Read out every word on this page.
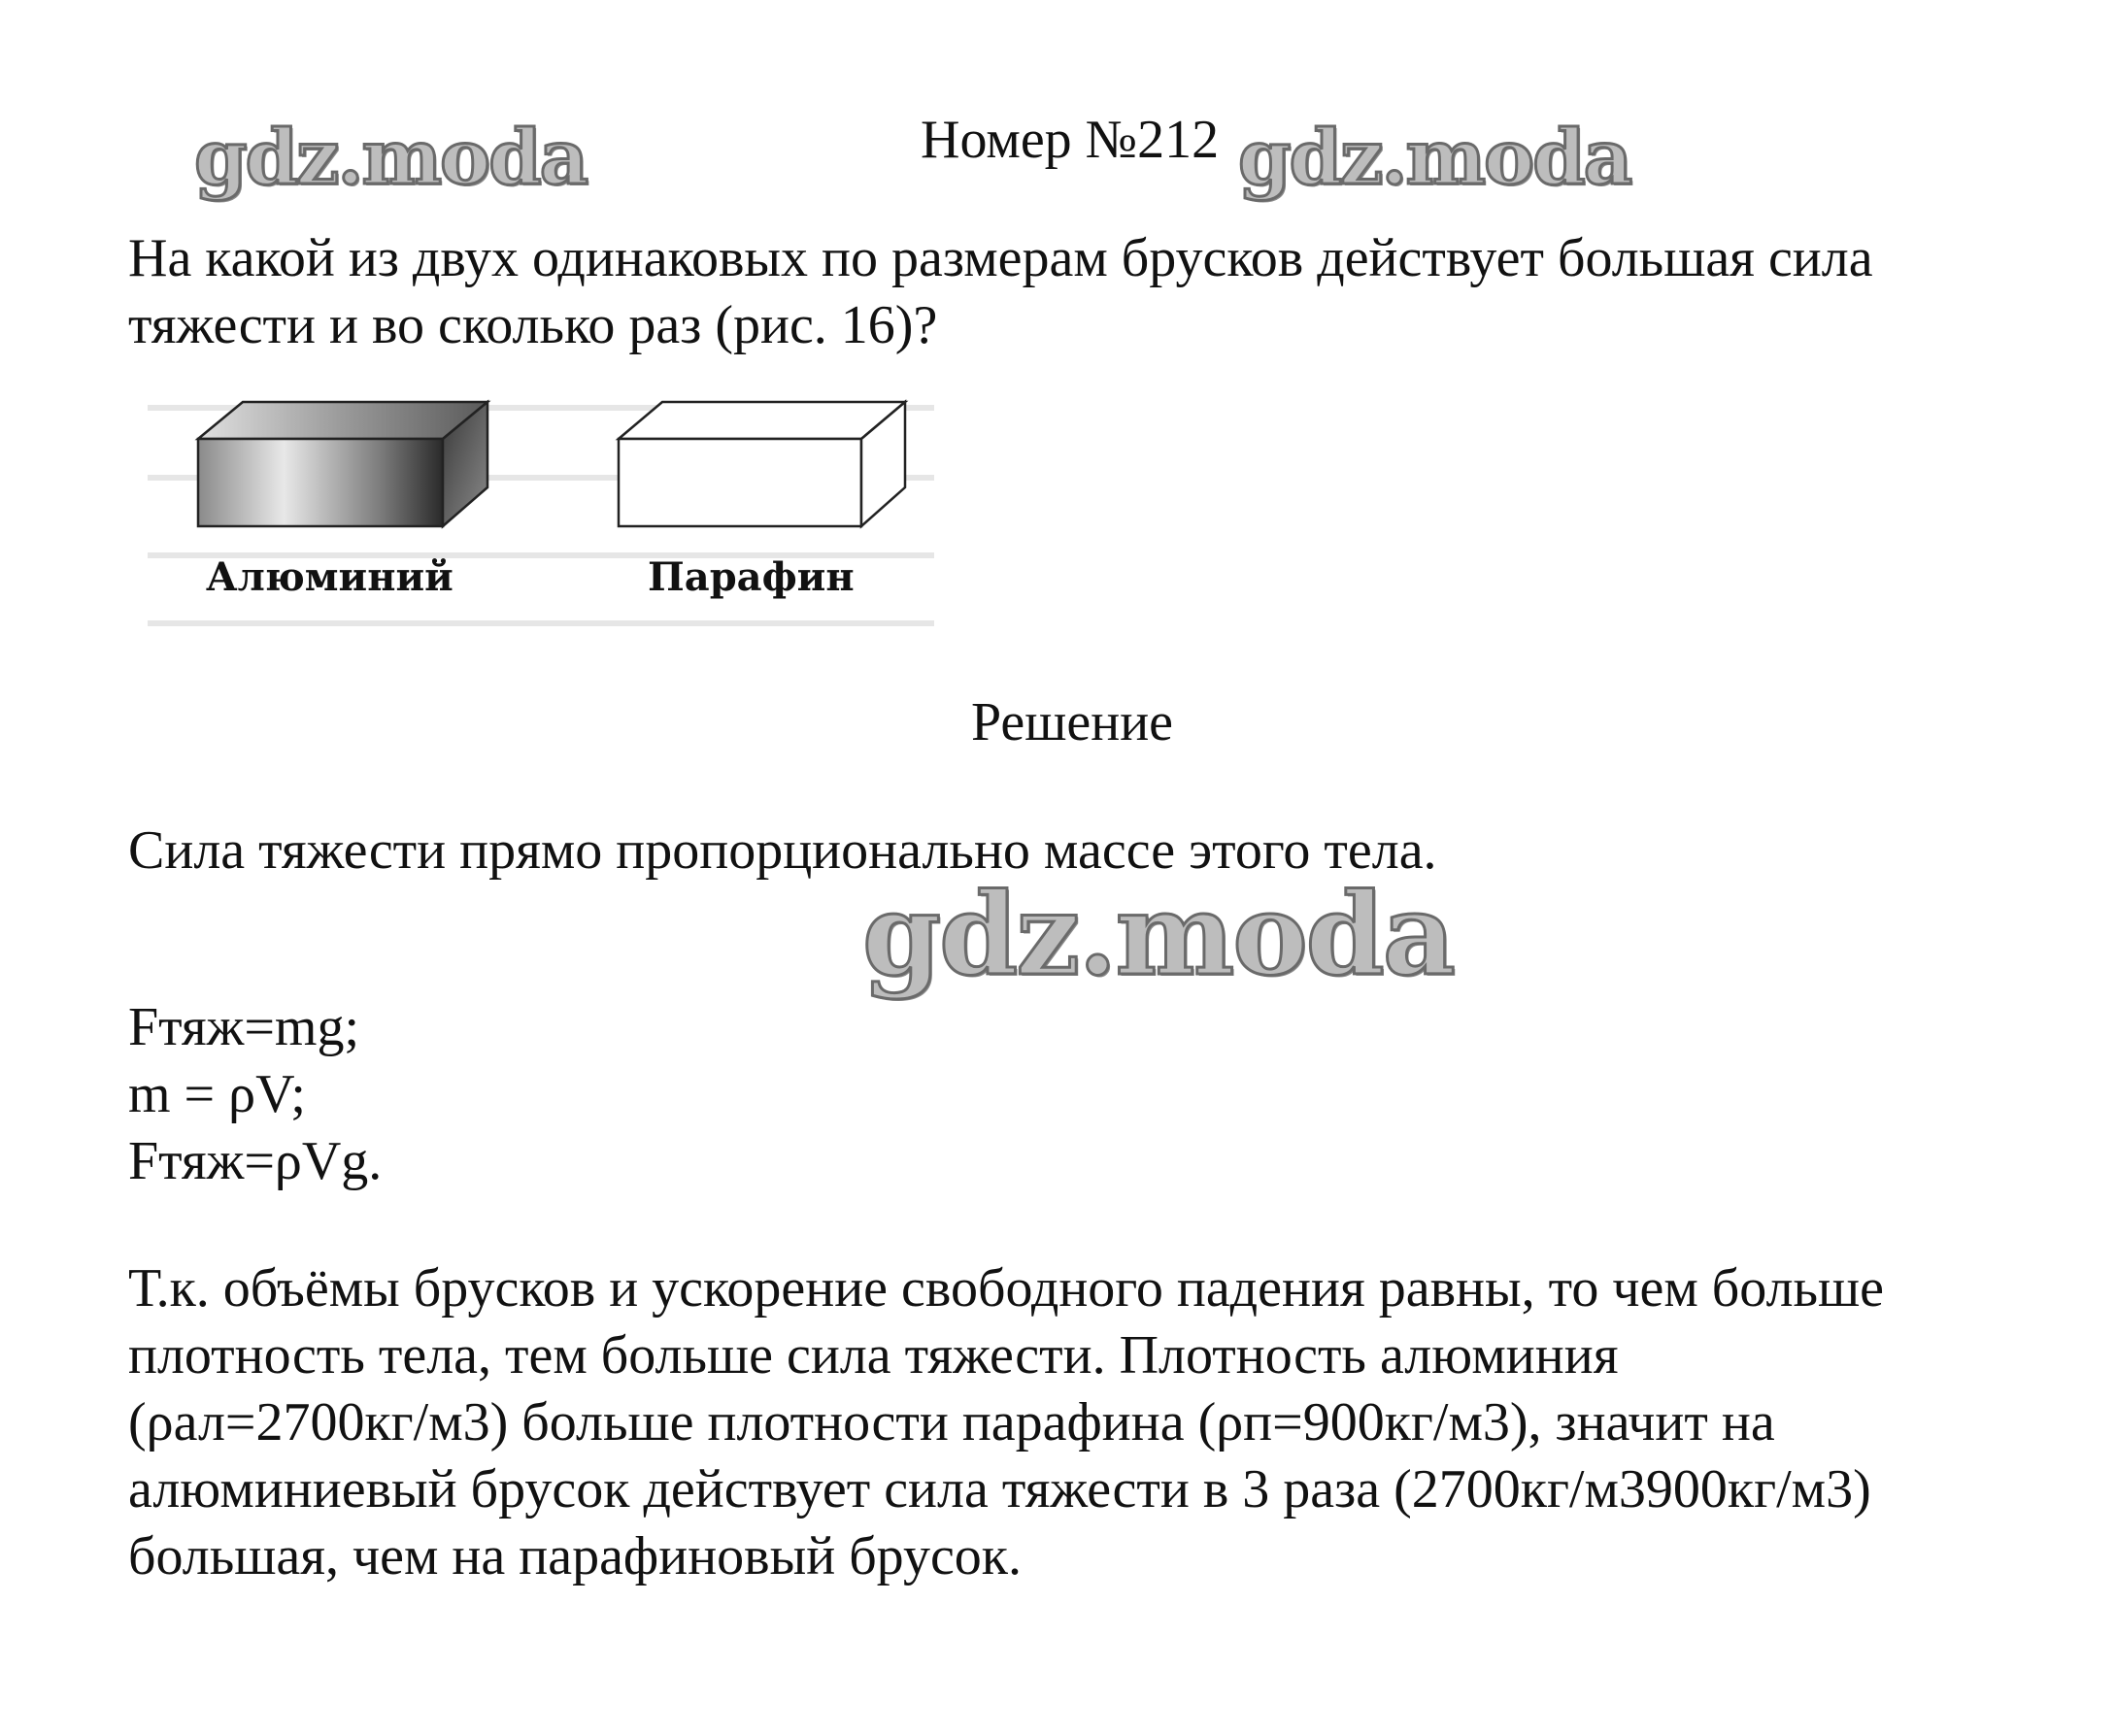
gdz.moda	gdz.moda
Номер №212
На какой из двух одинаковых по размерам брусков действует большая сила
тяжести и во сколько раз (рис. 16)?
Алюминий	Парафин
Решение
Сила тяжести прямо пропорционально массе этого тела.
gdz.moda
Fтяж=mg;
m = ρV;
Fтяж=ρVg.
Т.к. объёмы брусков и ускорение свободного падения равны, то чем больше
плотность тела, тем больше сила тяжести. Плотность алюминия
(ρал=2700кг/м3) больше плотности парафина (ρп=900кг/м3), значит на
алюминиевый брусок действует сила тяжести в 3 раза (2700кг/м3900кг/м3)
большая, чем на парафиновый брусок.
